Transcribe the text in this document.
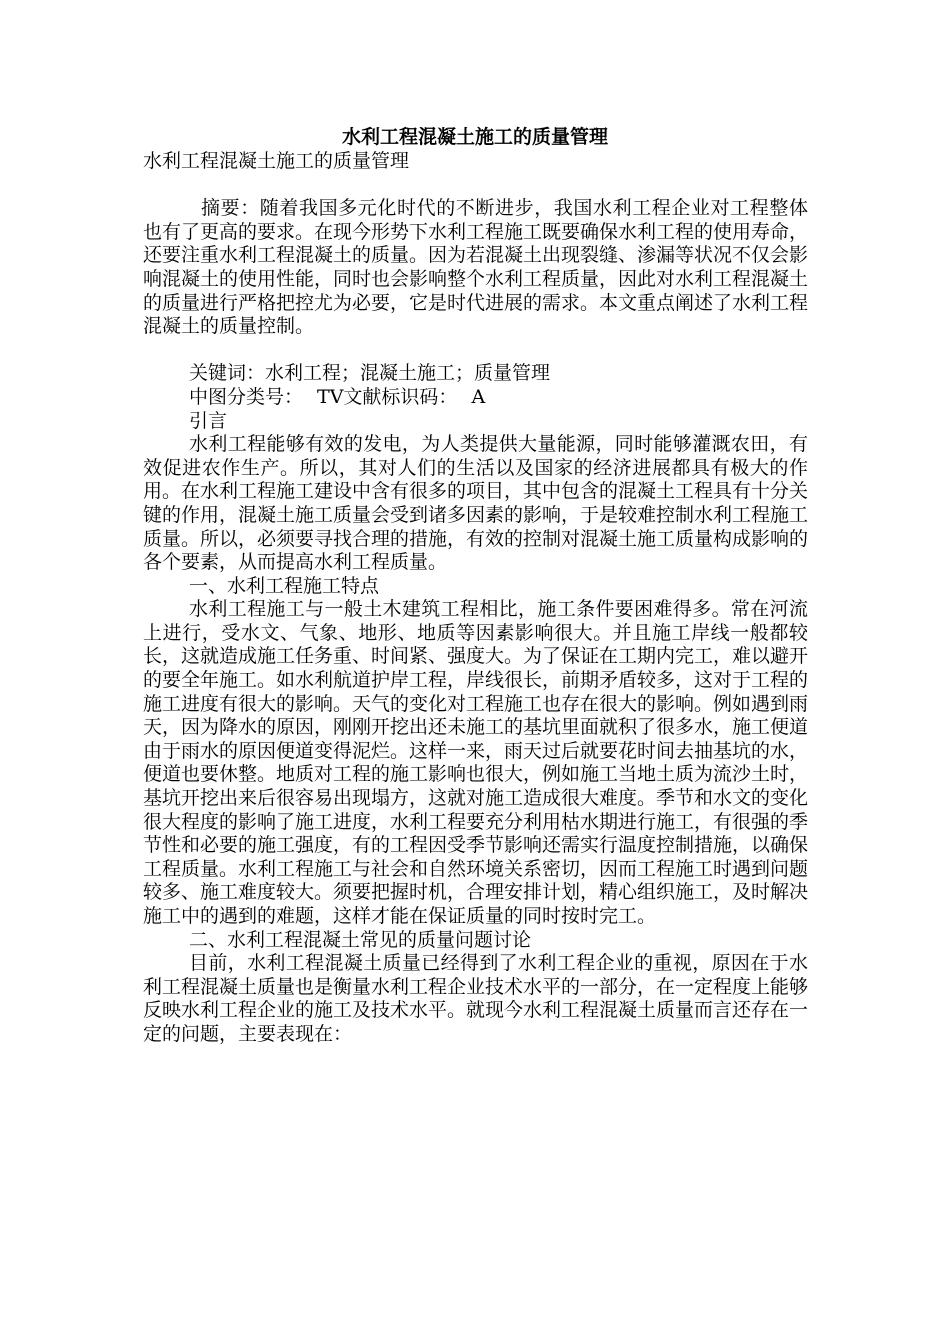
水利工程混凝土施工的质量管理

水利工程混凝土施工的质量管理

摘要：随着我国多元化时代的不断进步，我国水利工程企业对工程整体也有了更高的要求。在现今形势下水利工程施工既要确保水利工程的使用寿命，还要注重水利工程混凝土的质量。因为若混凝土出现裂缝、渗漏等状况不仅会影响混凝土的使用性能，同时也会影响整个水利工程质量，因此对水利工程混凝土的质量进行严格把控尤为必要，它是时代进展的需求。本文重点阐述了水利工程混凝土的质量控制。

关键词：水利工程；混凝土施工；质量管理

中图分类号： TV文献标识码： A

引言

水利工程能够有效的发电，为人类提供大量能源，同时能够灌溉农田，有效促进农作生产。所以，其对人们的生活以及国家的经济进展都具有极大的作用。在水利工程施工建设中含有很多的项目，其中包含的混凝土工程具有十分关键的作用，混凝土施工质量会受到诸多因素的影响，于是较难控制水利工程施工质量。所以，必须要寻找合理的措施，有效的控制对混凝土施工质量构成影响的各个要素，从而提高水利工程质量。

一、水利工程施工特点

水利工程施工与一般土木建筑工程相比，施工条件要困难得多。常在河流上进行，受水文、气象、地形、地质等因素影响很大。并且施工岸线一般都较长，这就造成施工任务重、时间紧、强度大。为了保证在工期内完工，难以避开的要全年施工。如水利航道护岸工程，岸线很长，前期矛盾较多，这对于工程的施工进度有很大的影响。天气的变化对工程施工也存在很大的影响。例如遇到雨天，因为降水的原因，刚刚开挖出还未施工的基坑里面就积了很多水，施工便道由于雨水的原因便道变得泥烂。这样一来，雨天过后就要花时间去抽基坑的水，便道也要休整。地质对工程的施工影响也很大，例如施工当地土质为流沙土时，基坑开挖出来后很容易出现塌方，这就对施工造成很大难度。季节和水文的变化很大程度的影响了施工进度，水利工程要充分利用枯水期进行施工，有很强的季节性和必要的施工强度，有的工程因受季节影响还需实行温度控制措施，以确保工程质量。水利工程施工与社会和自然环境关系密切，因而工程施工时遇到问题较多、施工难度较大。须要把握时机，合理安排计划，精心组织施工，及时解决施工中的遇到的难题，这样才能在保证质量的同时按时完工。

二、水利工程混凝土常见的质量问题讨论

目前，水利工程混凝土质量已经得到了水利工程企业的重视，原因在于水利工程混凝土质量也是衡量水利工程企业技术水平的一部分，在一定程度上能够反映水利工程企业的施工及技术水平。就现今水利工程混凝土质量而言还存在一定的问题，主要表现在：
